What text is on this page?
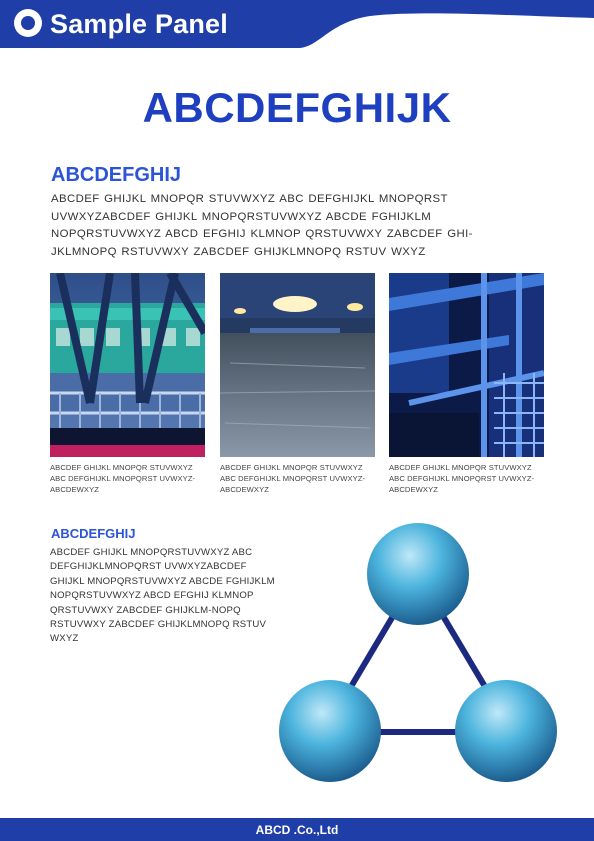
Sample Panel
ABCDEFGHIJK
ABCDEFGHIJ
ABCDEF GHIJKL MNOPQR STUVWXYZ ABC DEFGHIJKL MNOPQRST UVWXYZABCDEF GHIJKL MNOPQRSTUVWXYZ ABCDE FGHIJKLM NOPQRSTUVWXYZ ABCD EFGHIJ KLMNOP QRSTUVWXY ZABCDEF GHI-JKLMNOPQ RSTUVWXY ZABCDEF GHIJKLMNOPQ RSTUV WXYZ
ABCDEF GHIJKL MNOPQR STUVWXYZ ABC DEFGHIJKL MNOPQRST UVWXYZ-ABCDEWXYZ
ABCDEF GHIJKL MNOPQR STUVWXYZ ABC DEFGHIJKL MNOPQRST UVWXYZ-ABCDEWXYZ
ABCDEF GHIJKL MNOPQR STUVWXYZ ABC DEFGHIJKL MNOPQRST UVWXYZ-ABCDEWXYZ
ABCDEFGHIJ
ABCDEF GHIJKL MNOPQRSTUVWXYZ ABC DEFGHIJKLMNOPQRST UVWXYZABCDEF GHIJKL MNOPQRSTUVWXYZ ABCDE FGHIJKLM NOPQRSTUVWXYZ ABCD EFGHIJ KLMNOP QRSTUVWXY ZABCDEF GHIJKLM-NOPQ RSTUVWXY ZABCDEF GHIJKLMNOPQ RSTUV WXYZ
ABCD .Co.,Ltd
